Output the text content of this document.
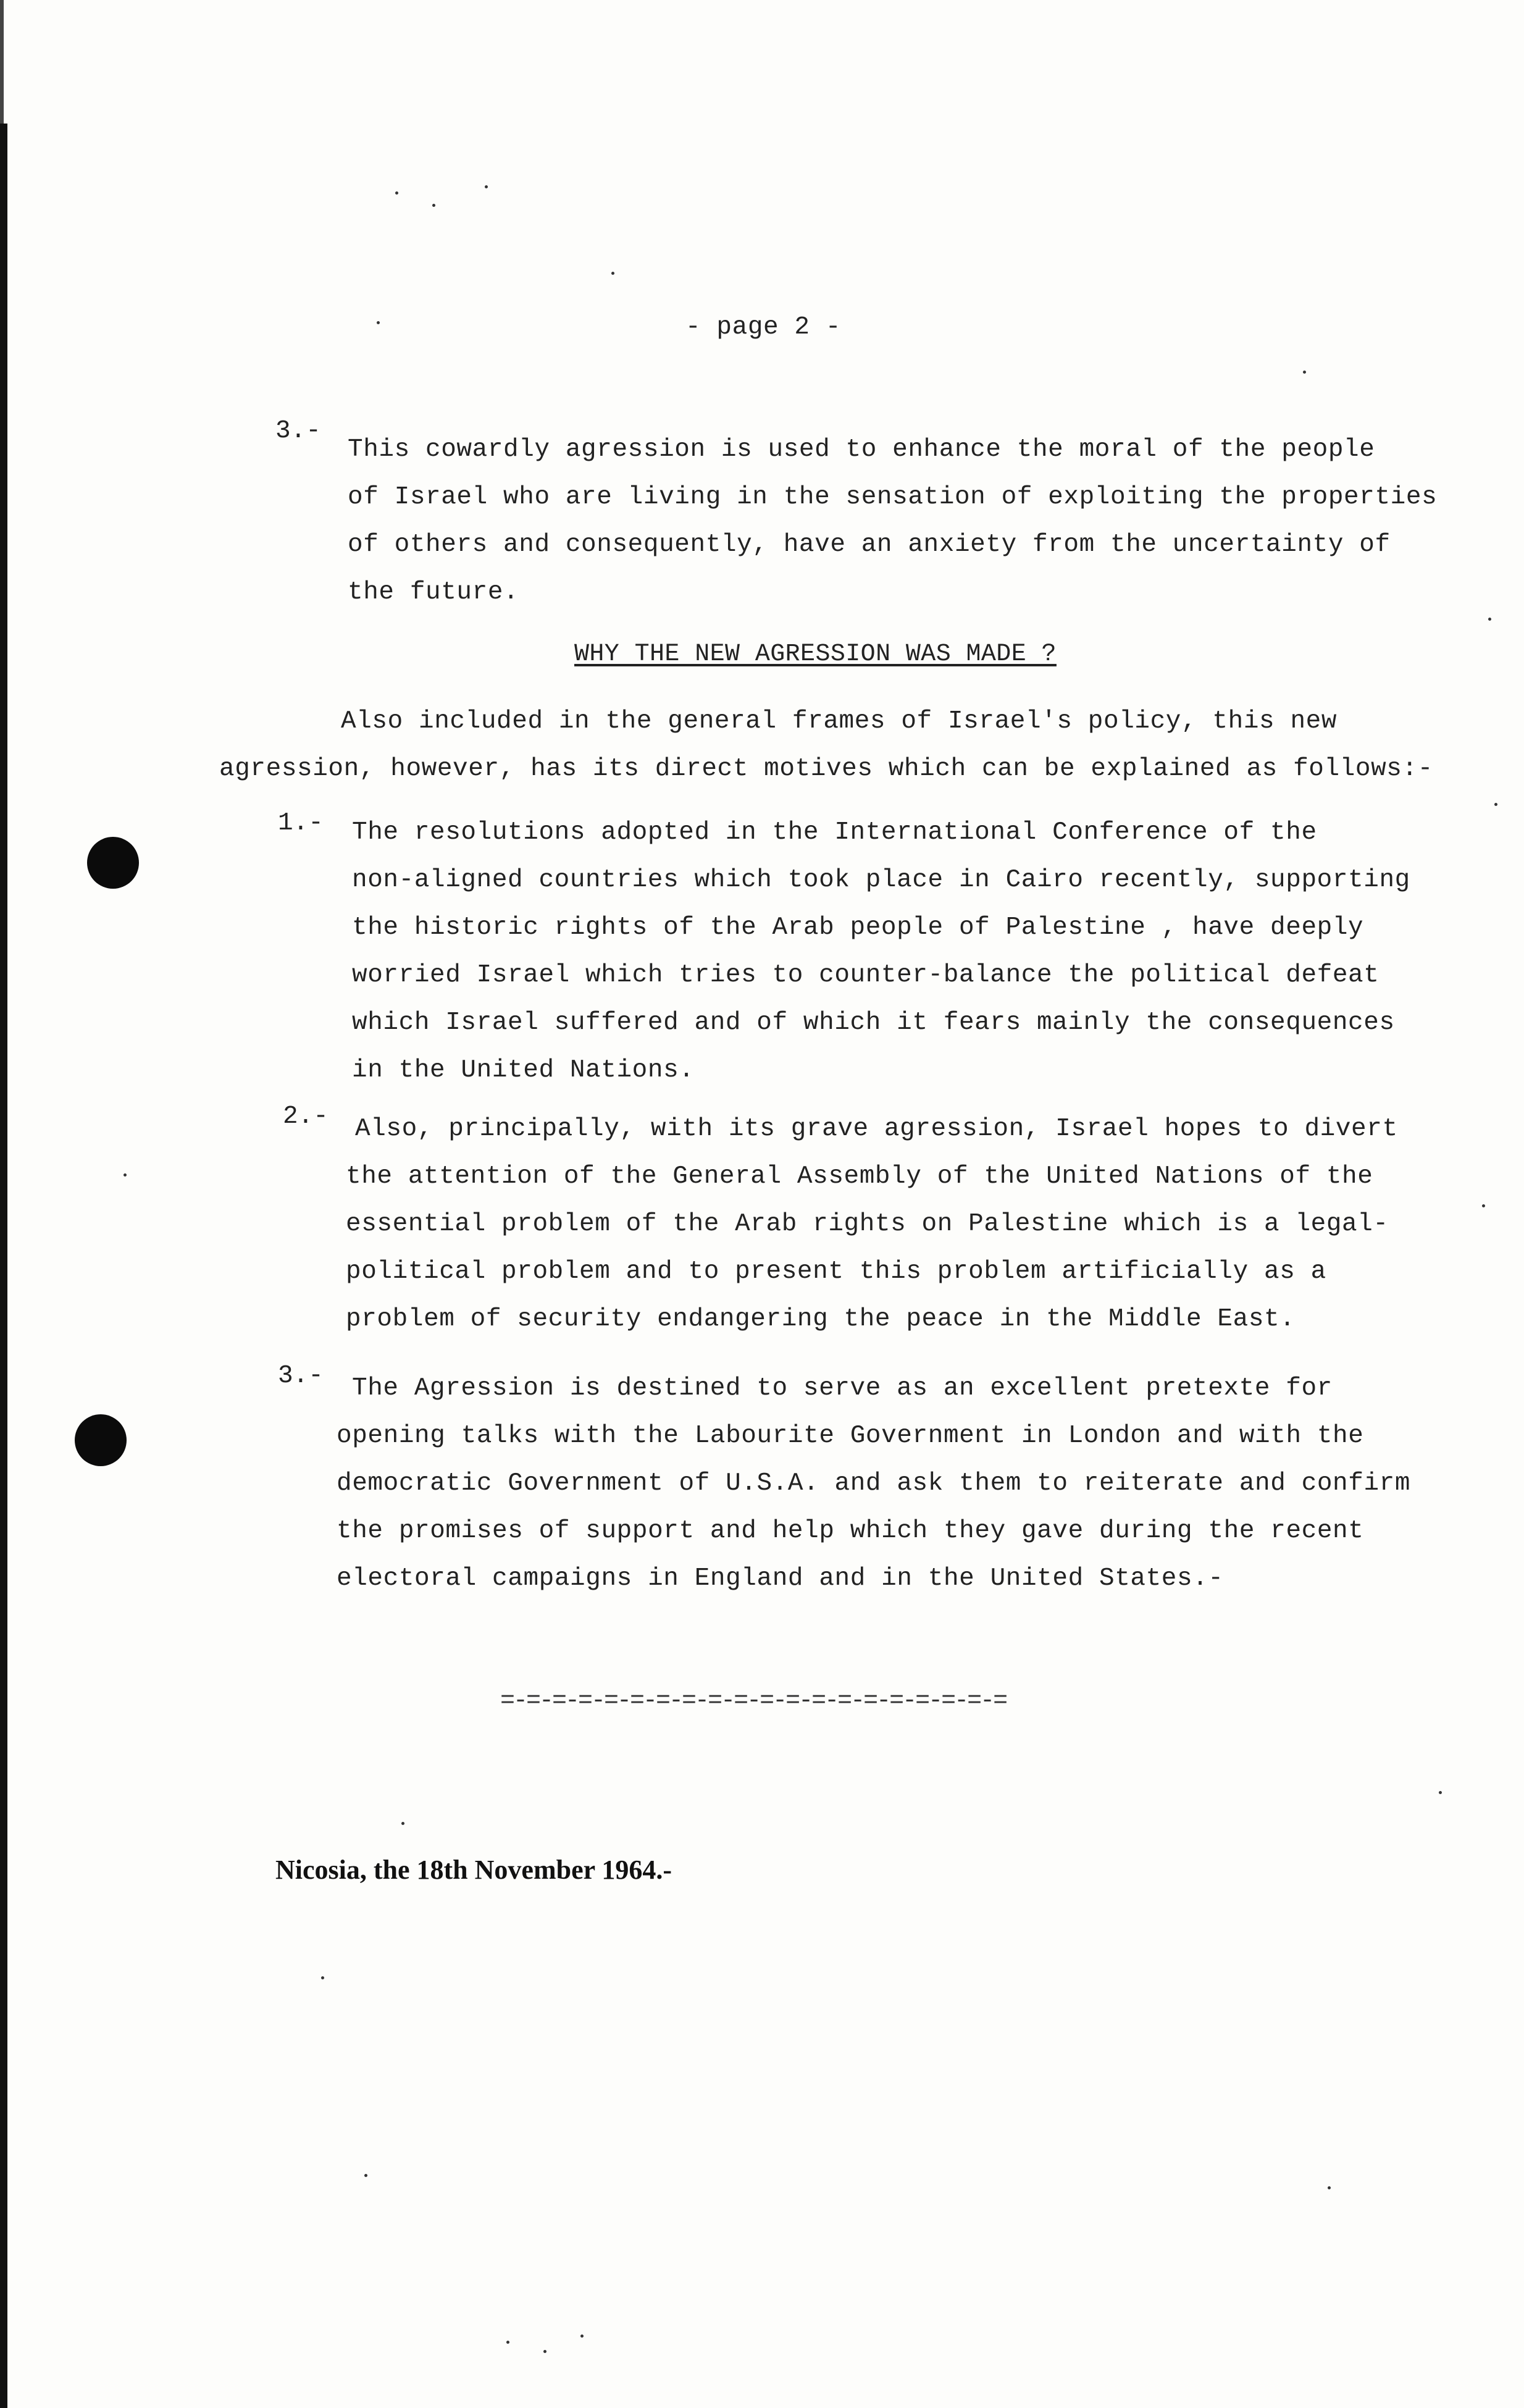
- page 2 -
3.-
This cowardly agression is used to enhance the moral of the people
of Israel who are living in the sensation of exploiting the properties
of others and consequently, have an anxiety from the uncertainty of
the future.
WHY THE NEW AGRESSION WAS MADE ?
Also included in the general frames of Israel's policy, this new
agression, however, has its direct motives which can be explained as follows:-
1.- The resolutions adopted in the International Conference of the
non-aligned countries which took place in Cairo recently, supporting
the historic rights of the Arab people of Palestine , have deeply
worried Israel which tries to counter-balance the political defeat
which Israel suffered and of which it fears mainly the consequences
in the United Nations.
2.- Also, principally, with its grave agression, Israel hopes to divert
the attention of the General Assembly of the United Nations of the
essential problem of the Arab rights on Palestine which is a legal-
political problem and to present this problem artificially as a
problem of security endangering the peace in the Middle East.
3.- The Agression is destined to serve as an excellent pretexte for
opening talks with the Labourite Government in London and with the
democratic Government of U.S.A. and ask them to reiterate and confirm
the promises of support and help which they gave during the recent
electoral campaigns in England and in the United States.-
=-=-=-=-=-=-=-=-=-=-=-=-=-=-=-=-=-=-=-=
Nicosia, the 18th November 1964.-
